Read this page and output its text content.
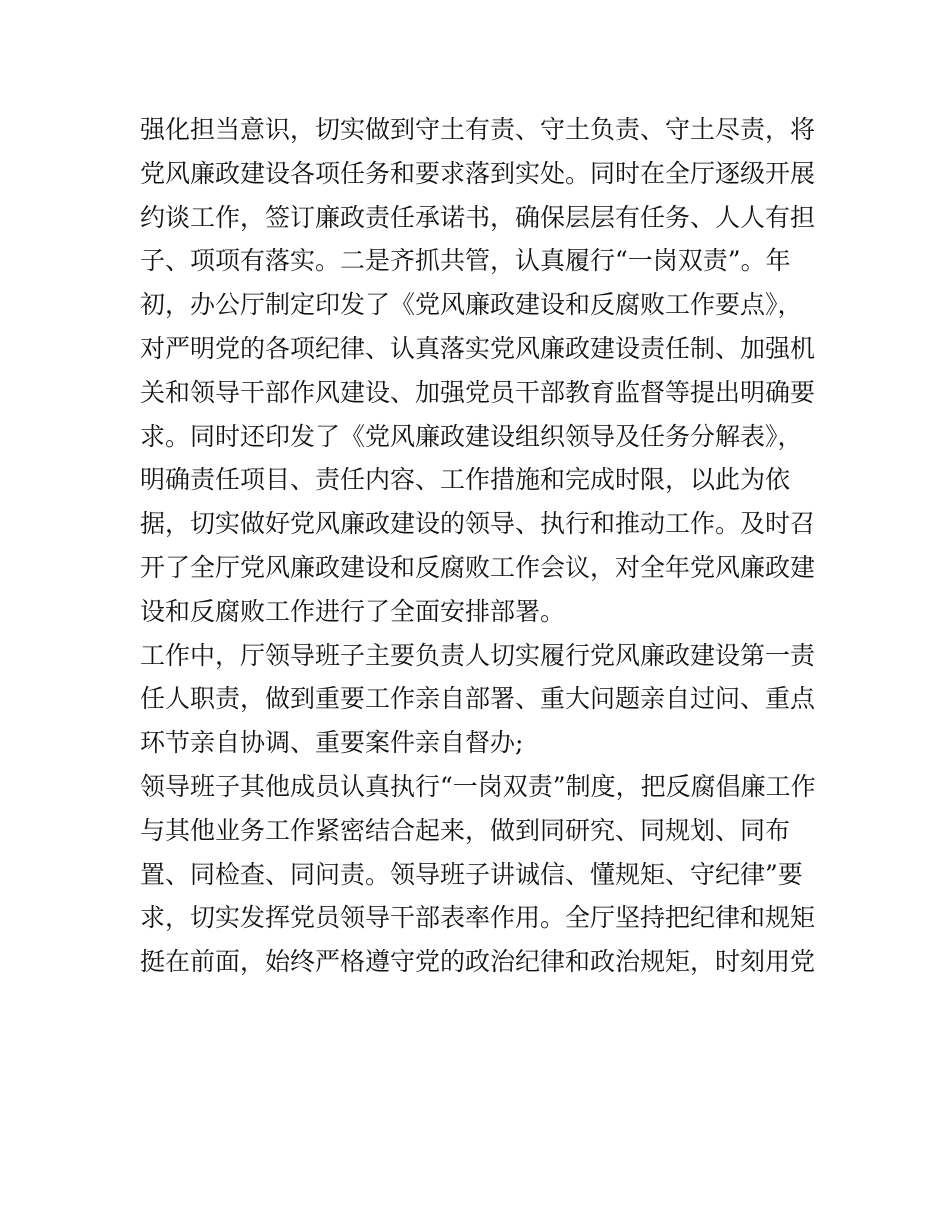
强化担当意识，切实做到守土有责、守土负责、守土尽责，将
党风廉政建设各项任务和要求落到实处。同时在全厅逐级开展
约谈工作，签订廉政责任承诺书，确保层层有任务、人人有担
子、项项有落实。二是齐抓共管，认真履行“一岗双责”。年
初，办公厅制定印发了《党风廉政建设和反腐败工作要点》，
对严明党的各项纪律、认真落实党风廉政建设责任制、加强机
关和领导干部作风建设、加强党员干部教育监督等提出明确要
求。同时还印发了《党风廉政建设组织领导及任务分解表》，
明确责任项目、责任内容、工作措施和完成时限，以此为依
据，切实做好党风廉政建设的领导、执行和推动工作。及时召
开了全厅党风廉政建设和反腐败工作会议，对全年党风廉政建
设和反腐败工作进行了全面安排部署。
工作中，厅领导班子主要负责人切实履行党风廉政建设第一责
任人职责，做到重要工作亲自部署、重大问题亲自过问、重点
环节亲自协调、重要案件亲自督办;
领导班子其他成员认真执行“一岗双责”制度，把反腐倡廉工作
与其他业务工作紧密结合起来，做到同研究、同规划、同布
置、同检查、同问责。领导班子讲诚信、懂规矩、守纪律”要
求，切实发挥党员领导干部表率作用。全厅坚持把纪律和规矩
挺在前面，始终严格遵守党的政治纪律和政治规矩，时刻用党
